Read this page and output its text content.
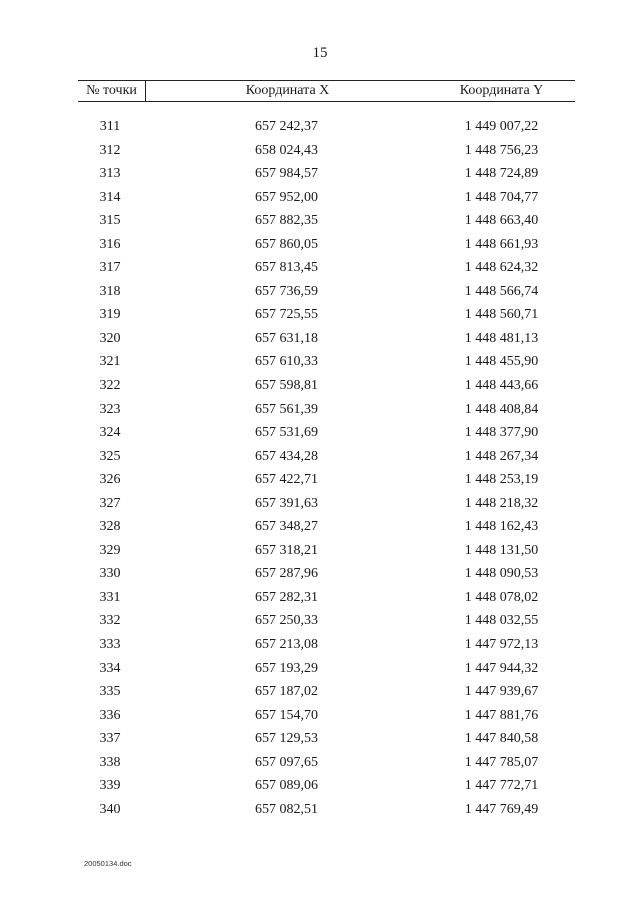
15
№ точки	Координата X	Координата Y
311	657 242,37	1 449 007,22
312	658 024,43	1 448 756,23
313	657 984,57	1 448 724,89
314	657 952,00	1 448 704,77
315	657 882,35	1 448 663,40
316	657 860,05	1 448 661,93
317	657 813,45	1 448 624,32
318	657 736,59	1 448 566,74
319	657 725,55	1 448 560,71
320	657 631,18	1 448 481,13
321	657 610,33	1 448 455,90
322	657 598,81	1 448 443,66
323	657 561,39	1 448 408,84
324	657 531,69	1 448 377,90
325	657 434,28	1 448 267,34
326	657 422,71	1 448 253,19
327	657 391,63	1 448 218,32
328	657 348,27	1 448 162,43
329	657 318,21	1 448 131,50
330	657 287,96	1 448 090,53
331	657 282,31	1 448 078,02
332	657 250,33	1 448 032,55
333	657 213,08	1 447 972,13
334	657 193,29	1 447 944,32
335	657 187,02	1 447 939,67
336	657 154,70	1 447 881,76
337	657 129,53	1 447 840,58
338	657 097,65	1 447 785,07
339	657 089,06	1 447 772,71
340	657 082,51	1 447 769,49
20050134.doc
